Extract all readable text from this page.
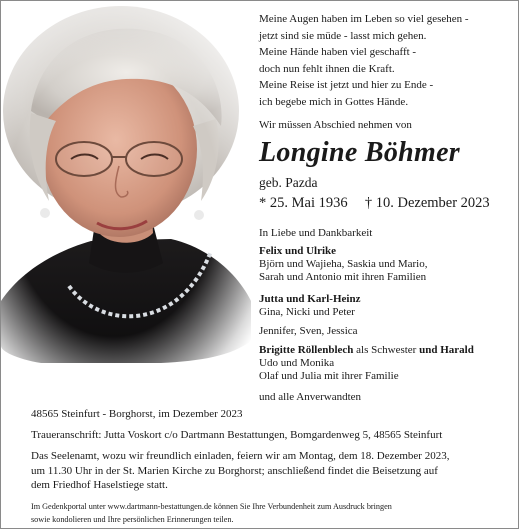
Meine Augen haben im Leben so viel gesehen -
jetzt sind sie müde - lasst mich gehen.
Meine Hände haben viel geschafft -
doch nun fehlt ihnen die Kraft.
Meine Reise ist jetzt und hier zu Ende -
ich begebe mich in Gottes Hände.
Wir müssen Abschied nehmen von
Longine Böhmer
geb. Pazda
* 25. Mai 1936 † 10. Dezember 2023
In Liebe und Dankbarkeit
Felix und Ulrike
Björn und Wajieha, Saskia und Mario,
Sarah und Antonio mit ihren Familien
Jutta und Karl-Heinz
Gina, Nicki und Peter
Jennifer, Sven, Jessica
Brigitte Röllenblech als Schwester und Harald
Udo und Monika
Olaf und Julia mit ihrer Familie
und alle Anverwandten
48565 Steinfurt - Borghorst, im Dezember 2023
Traueranschrift: Jutta Voskort c/o Dartmann Bestattungen, Bomgardenweg 5, 48565 Steinfurt
Das Seelenamt, wozu wir freundlich einladen, feiern wir am Montag, dem 18. Dezember 2023,
um 11.30 Uhr in der St. Marien Kirche zu Borghorst; anschließend findet die Beisetzung auf
dem Friedhof Haselstiege statt.
Im Gedenkportal unter www.dartmann-bestattungen.de können Sie Ihre Verbundenheit zum Ausdruck bringen
sowie kondolieren und Ihre persönlichen Erinnerungen teilen.
